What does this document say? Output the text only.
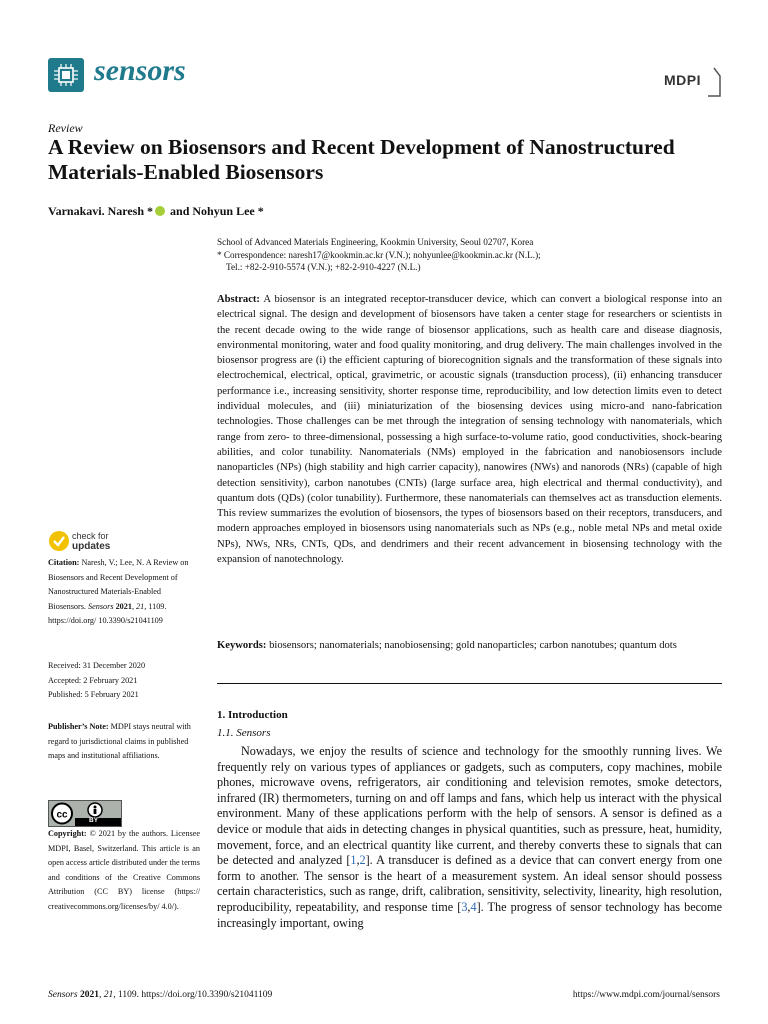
sensors	MDPI
Review
A Review on Biosensors and Recent Development of Nanostructured Materials-Enabled Biosensors
Varnakavi. Naresh * and Nohyun Lee *
School of Advanced Materials Engineering, Kookmin University, Seoul 02707, Korea
* Correspondence: naresh17@kookmin.ac.kr (V.N.); nohyunlee@kookmin.ac.kr (N.L.);
Tel.: +82-2-910-5574 (V.N.); +82-2-910-4227 (N.L.)
Abstract: A biosensor is an integrated receptor-transducer device, which can convert a biological response into an electrical signal. The design and development of biosensors have taken a center stage for researchers or scientists in the recent decade owing to the wide range of biosensor applications, such as health care and disease diagnosis, environmental monitoring, water and food quality monitoring, and drug delivery. The main challenges involved in the biosensor progress are (i) the efficient capturing of biorecognition signals and the transformation of these signals into electrochemical, electrical, optical, gravimetric, or acoustic signals (transduction process), (ii) enhancing transducer performance i.e., increasing sensitivity, shorter response time, reproducibility, and low detection limits even to detect individual molecules, and (iii) miniaturization of the biosensing devices using micro-and nano-fabrication technologies. Those challenges can be met through the integration of sensing technology with nanomaterials, which range from zero- to three-dimensional, possessing a high surface-to-volume ratio, good conductivities, shock-bearing abilities, and color tunability. Nanomaterials (NMs) employed in the fabrication and nanobiosensors include nanoparticles (NPs) (high stability and high carrier capacity), nanowires (NWs) and nanorods (NRs) (capable of high detection sensitivity), carbon nanotubes (CNTs) (large surface area, high electrical and thermal conductivity), and quantum dots (QDs) (color tunability). Furthermore, these nanomaterials can themselves act as transduction elements. This review summarizes the evolution of biosensors, the types of biosensors based on their receptors, transducers, and modern approaches employed in biosensors using nanomaterials such as NPs (e.g., noble metal NPs and metal oxide NPs), NWs, NRs, CNTs, QDs, and dendrimers and their recent advancement in biosensing technology with the expansion of nanotechnology.
Keywords: biosensors; nanomaterials; nanobiosensing; gold nanoparticles; carbon nanotubes; quantum dots
1. Introduction
1.1. Sensors
Nowadays, we enjoy the results of science and technology for the smoothly running lives. We frequently rely on various types of appliances or gadgets, such as computers, copy machines, mobile phones, microwave ovens, refrigerators, air conditioning and television remotes, smoke detectors, infrared (IR) thermometers, turning on and off lamps and fans, which help us interact with the physical environment. Many of these applications perform with the help of sensors. A sensor is defined as a device or module that aids in detecting changes in physical quantities, such as pressure, heat, humidity, movement, force, and an electrical quantity like current, and thereby converts these to signals that can be detected and analyzed [1,2]. A transducer is defined as a device that can convert energy from one form to another. The sensor is the heart of a measurement system. An ideal sensor should possess certain characteristics, such as range, drift, calibration, sensitivity, selectivity, linearity, high resolution, reproducibility, repeatability, and response time [3,4]. The progress of sensor technology has become increasingly important, owing
check for
updates
Citation: Naresh, V.; Lee, N. A Review on Biosensors and Recent Development of Nanostructured Materials-Enabled Biosensors. Sensors 2021, 21, 1109. https://doi.org/ 10.3390/s21041109
Received: 31 December 2020
Accepted: 2 February 2021
Published: 5 February 2021
Publisher’s Note: MDPI stays neutral with regard to jurisdictional claims in published maps and institutional affiliations.
cc	BY
Copyright: © 2021 by the authors. Licensee MDPI, Basel, Switzerland. This article is an open access article distributed under the terms and conditions of the Creative Commons Attribution (CC BY) license (https:// creativecommons.org/licenses/by/ 4.0/).
Sensors 2021, 21, 1109. https://doi.org/10.3390/s21041109	https://www.mdpi.com/journal/sensors
